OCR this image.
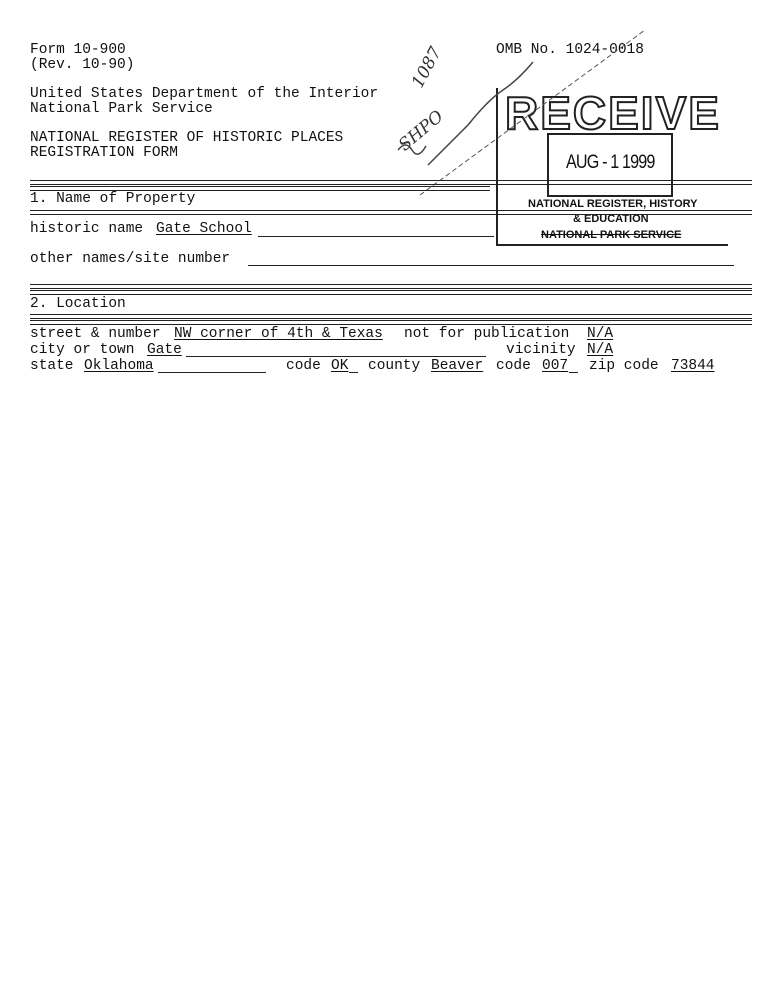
Form 10-900
(Rev. 10-90)
OMB No. 1024-0018
United States Department of the Interior
National Park Service
NATIONAL REGISTER OF HISTORIC PLACES
REGISTRATION FORM
RECEIVE
AUG - 1 1999
NATIONAL REGISTER, HISTORY
& EDUCATION
NATIONAL PARK SERVICE
1087
SHPO
1. Name of Property
historic name Gate School
other names/site number
2. Location
street & number NW corner of 4th & Texas not for publication N/A
city or town Gate	vicinity N/A
state Oklahoma	code OK county Beaver code 007 zip code 73844
